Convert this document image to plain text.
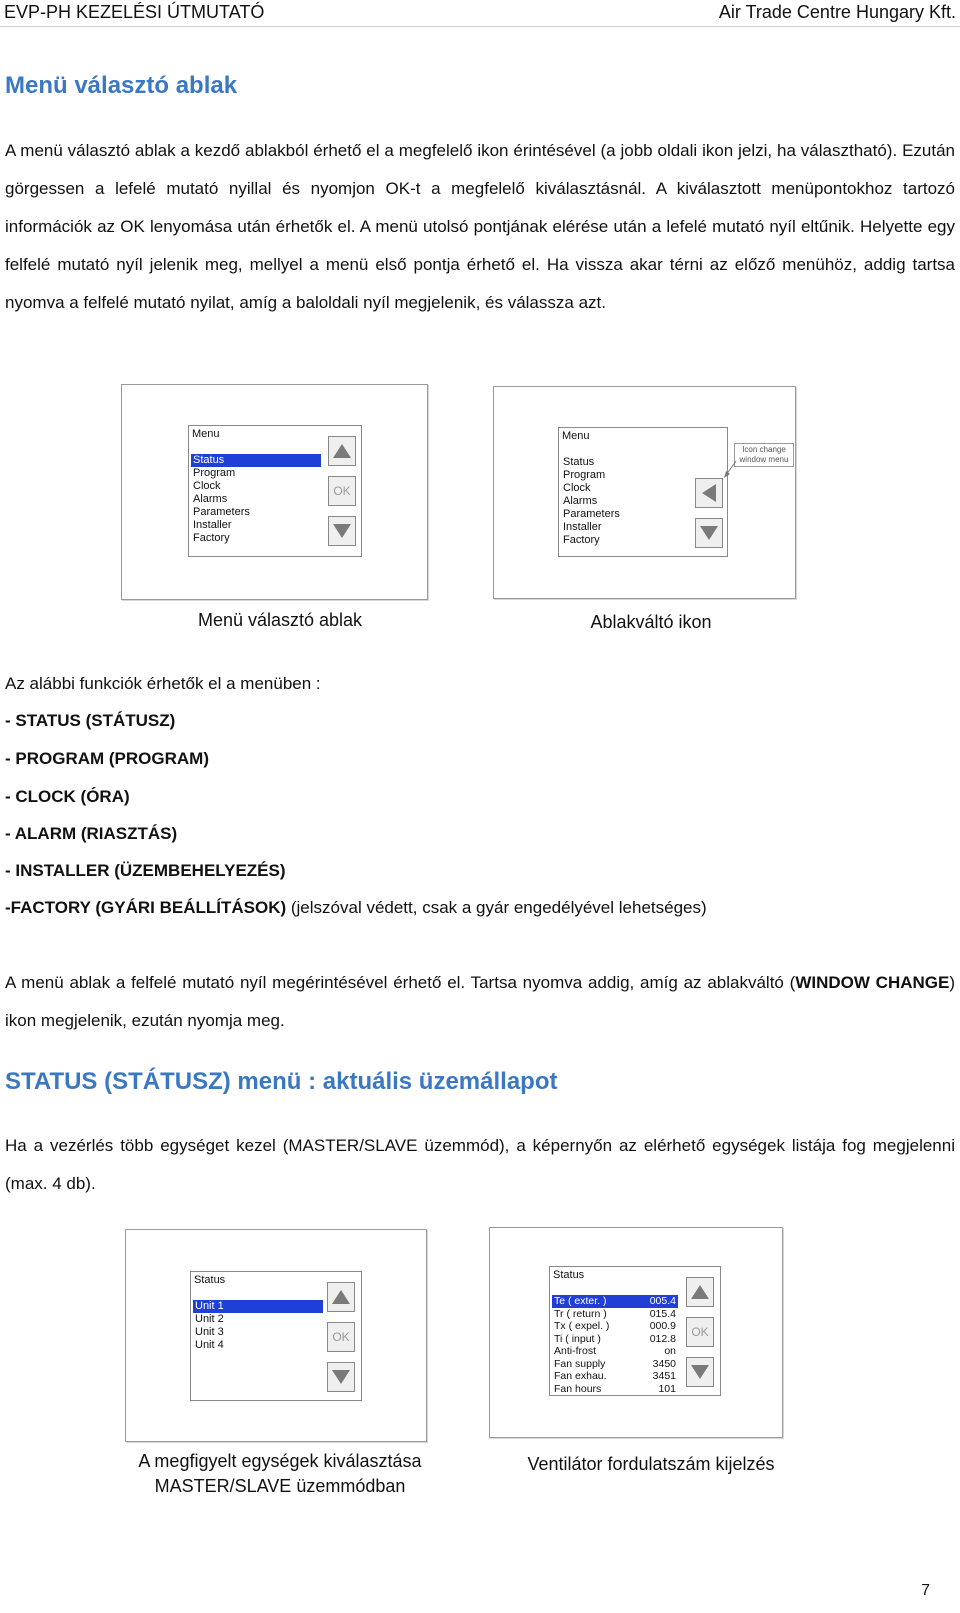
EVP-PH KEZELÉSI ÚTMUTATÓ	Air Trade Centre Hungary Kft.
Menü választó ablak
A menü választó ablak a kezdő ablakból érhető el a megfelelő ikon érintésével (a jobb oldali ikon jelzi, ha választható). Ezután görgessen a lefelé mutató nyillal és nyomjon OK-t a megfelelő kiválasztásnál. A kiválasztott menüpontokhoz tartozó információk az OK lenyomása után érhetők el. A menü utolsó pontjának elérése után a lefelé mutató nyíl eltűnik. Helyette egy felfelé mutató nyíl jelenik meg, mellyel a menü első pontja érhető el. Ha vissza akar térni az előző menühöz, addig tartsa nyomva a felfelé mutató nyilat, amíg a baloldali nyíl megjelenik, és válassza azt.
Menu
Status
Program
Clock
Alarms
Parameters
Installer
Factory
OK
Menü választó ablak
Menu
Status
Program
Clock
Alarms
Parameters
Installer
Factory
Icon change
window menu
Ablakváltó ikon
Az alábbi funkciók érhetők el a menüben :
- STATUS (STÁTUSZ)
- PROGRAM (PROGRAM)
- CLOCK (ÓRA)
- ALARM (RIASZTÁS)
- INSTALLER (ÜZEMBEHELYEZÉS)
-FACTORY (GYÁRI BEÁLLÍTÁSOK) (jelszóval védett, csak a gyár engedélyével lehetséges)
A menü ablak a felfelé mutató nyíl megérintésével érhető el. Tartsa nyomva addig, amíg az ablakváltó (WINDOW CHANGE) ikon megjelenik, ezután nyomja meg.
STATUS (STÁTUSZ) menü : aktuális üzemállapot
Ha a vezérlés több egységet kezel (MASTER/SLAVE üzemmód), a képernyőn az elérhető egységek listája fog megjelenni (max. 4 db).
Status
Unit 1
Unit 2
Unit 3
Unit 4
OK
A megfigyelt egységek kiválasztása
MASTER/SLAVE üzemmódban
Status
Te ( exter. )	005.4
Tr ( return )	015.4
Tx ( expel. )	000.9
Ti ( input )	012.8
Anti-frost	on
Fan supply	3450
Fan exhau.	3451
Fan hours	101
OK
Ventilátor fordulatszám kijelzés
7
